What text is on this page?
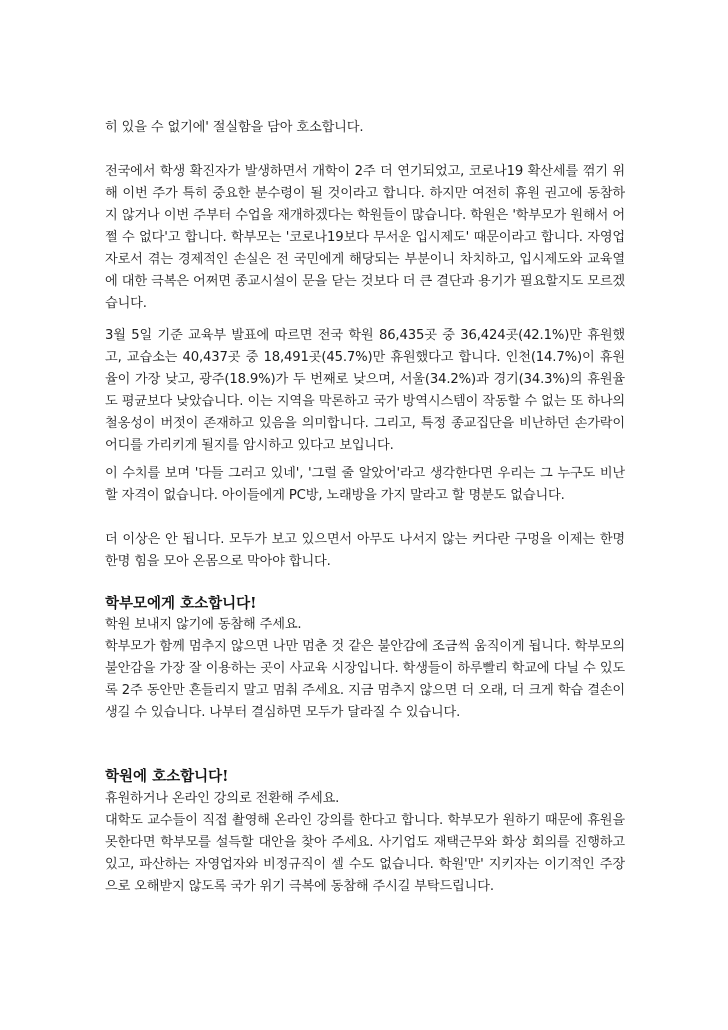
히 있을 수 없기에' 절실함을 담아 호소합니다.

전국에서 학생 확진자가 발생하면서 개학이 2주 더 연기되었고, 코로나19 확산세를 꺾기 위해 이번 주가 특히 중요한 분수령이 될 것이라고 합니다. 하지만 여전히 휴원 권고에 동참하지 않거나 이번 주부터 수업을 재개하겠다는 학원들이 많습니다. 학원은 '학부모가 원해서 어쩔 수 없다'고 합니다. 학부모는 '코로나19보다 무서운 입시제도' 때문이라고 합니다. 자영업자로서 겪는 경제적인 손실은 전 국민에게 해당되는 부분이니 차치하고, 입시제도와 교육열에 대한 극복은 어쩌면 종교시설이 문을 닫는 것보다 더 큰 결단과 용기가 필요할지도 모르겠습니다.

3월 5일 기준 교육부 발표에 따르면 전국 학원 86,435곳 중 36,424곳(42.1%)만 휴원했고, 교습소는 40,437곳 중 18,491곳(45.7%)만 휴원했다고 합니다. 인천(14.7%)이 휴원율이 가장 낮고, 광주(18.9%)가 두 번째로 낮으며, 서울(34.2%)과 경기(34.3%)의 휴원율도 평균보다 낮았습니다. 이는 지역을 막론하고 국가 방역시스템이 작동할 수 없는 또 하나의 철옹성이 버젓이 존재하고 있음을 의미합니다. 그리고, 특정 종교집단을 비난하던 손가락이 어디를 가리키게 될지를 암시하고 있다고 보입니다.

이 수치를 보며 '다들 그러고 있네', '그럴 줄 알았어'라고 생각한다면 우리는 그 누구도 비난할 자격이 없습니다. 아이들에게 PC방, 노래방을 가지 말라고 할 명분도 없습니다.

더 이상은 안 됩니다. 모두가 보고 있으면서 아무도 나서지 않는 커다란 구멍을 이제는 한명 한명 힘을 모아 온몸으로 막아야 합니다.

학부모에게 호소합니다!

학원 보내지 않기에 동참해 주세요.

학부모가 함께 멈추지 않으면 나만 멈춘 것 같은 불안감에 조금씩 움직이게 됩니다. 학부모의 불안감을 가장 잘 이용하는 곳이 사교육 시장입니다. 학생들이 하루빨리 학교에 다닐 수 있도록 2주 동안만 흔들리지 말고 멈춰 주세요. 지금 멈추지 않으면 더 오래, 더 크게 학습 결손이 생길 수 있습니다. 나부터 결심하면 모두가 달라질 수 있습니다.

학원에 호소합니다!

휴원하거나 온라인 강의로 전환해 주세요.

대학도 교수들이 직접 촬영해 온라인 강의를 한다고 합니다. 학부모가 원하기 때문에 휴원을 못한다면 학부모를 설득할 대안을 찾아 주세요. 사기업도 재택근무와 화상 회의를 진행하고 있고, 파산하는 자영업자와 비정규직이 셀 수도 없습니다. 학원'만' 지키자는 이기적인 주장으로 오해받지 않도록 국가 위기 극복에 동참해 주시길 부탁드립니다.
